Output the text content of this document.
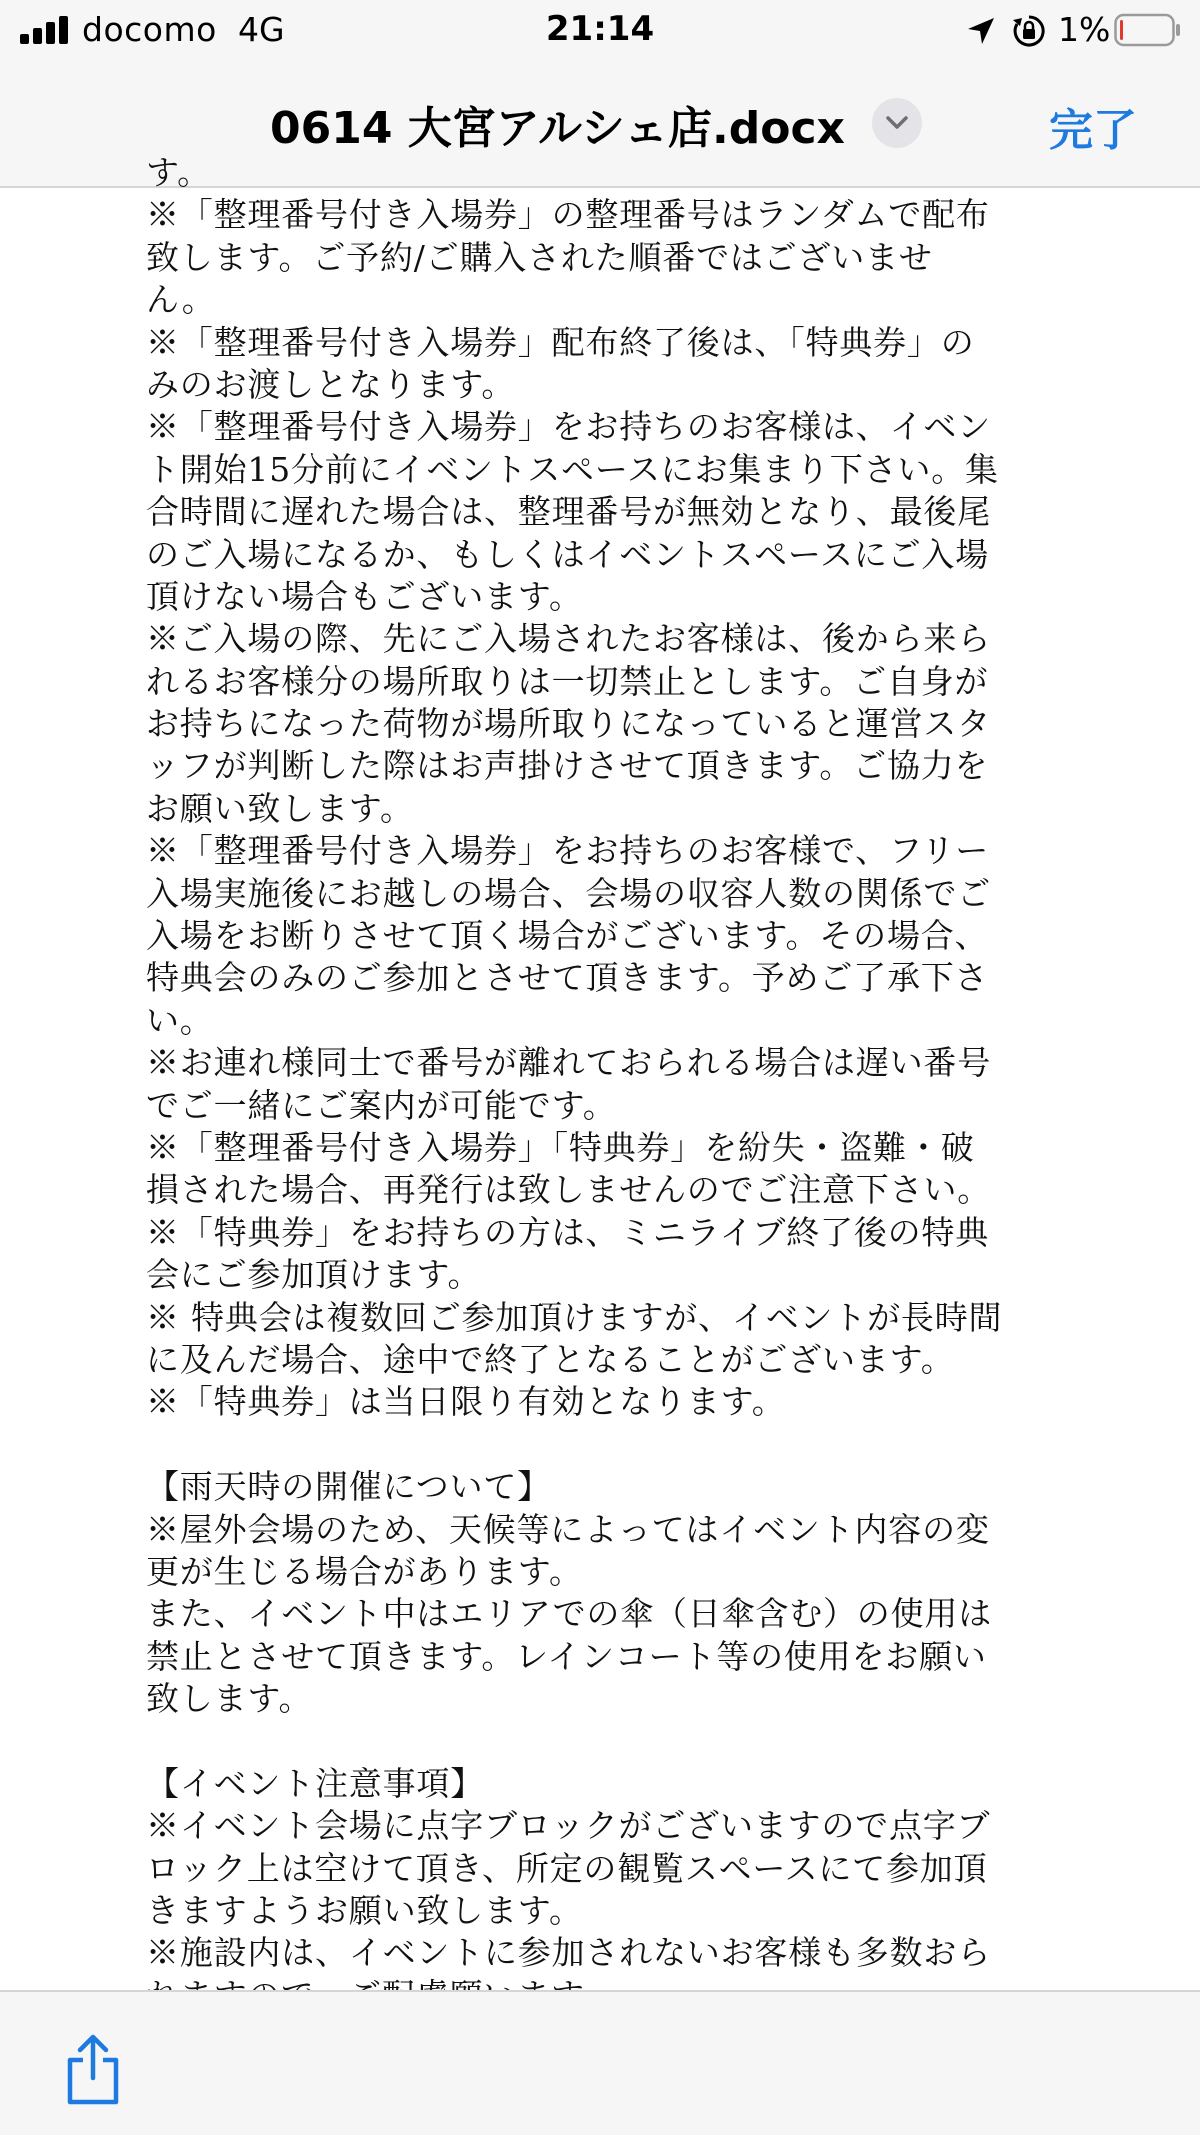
docomo 4G	21:14	1%
0614 大宮アルシェ店.docx	完了
す。
※「整理番号付き入場券」の整理番号はランダムで配布
致します。ご予約/ご購入された順番ではございませ
ん。
※「整理番号付き入場券」配布終了後は、「特典券」の
みのお渡しとなります。
※「整理番号付き入場券」をお持ちのお客様は、イベン
ト開始15分前にイベントスペースにお集まり下さい。集
合時間に遅れた場合は、整理番号が無効となり、最後尾
のご入場になるか、もしくはイベントスペースにご入場
頂けない場合もございます。
※ご入場の際、先にご入場されたお客様は、後から来ら
れるお客様分の場所取りは一切禁止とします。ご自身が
お持ちになった荷物が場所取りになっていると運営スタ
ッフが判断した際はお声掛けさせて頂きます。ご協力を
お願い致します。
※「整理番号付き入場券」をお持ちのお客様で、フリー
入場実施後にお越しの場合、会場の収容人数の関係でご
入場をお断りさせて頂く場合がございます。その場合、
特典会のみのご参加とさせて頂きます。予めご了承下さ
い。
※お連れ様同士で番号が離れておられる場合は遅い番号
でご一緒にご案内が可能です。
※「整理番号付き入場券」「特典券」を紛失・盗難・破
損された場合、再発行は致しませんのでご注意下さい。
※「特典券」をお持ちの方は、ミニライブ終了後の特典
会にご参加頂けます。
※ 特典会は複数回ご参加頂けますが、イベントが長時間
に及んだ場合、途中で終了となることがございます。
※「特典券」は当日限り有効となります。
【雨天時の開催について】
※屋外会場のため、天候等によってはイベント内容の変
更が生じる場合があります。
また、イベント中はエリアでの傘（日傘含む）の使用は
禁止とさせて頂きます。レインコート等の使用をお願い
致します。
【イベント注意事項】
※イベント会場に点字ブロックがございますので点字ブ
ロック上は空けて頂き、所定の観覧スペースにて参加頂
きますようお願い致します。
※施設内は、イベントに参加されないお客様も多数おら
